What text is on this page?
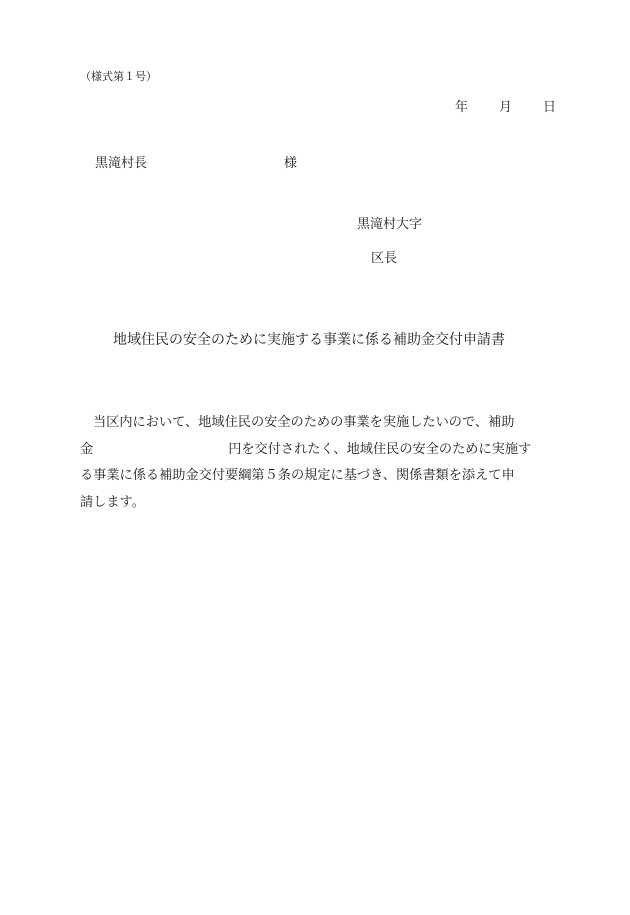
（様式第１号）
年 月 日
黒滝村長	様
黒滝村大字
区長
地域住民の安全のために実施する事業に係る補助金交付申請書
当区内において、地域住民の安全のための事業を実施したいので、補助
金	円を交付されたく、地域住民の安全のために実施す
る事業に係る補助金交付要綱第５条の規定に基づき、関係書類を添えて申
請します。
